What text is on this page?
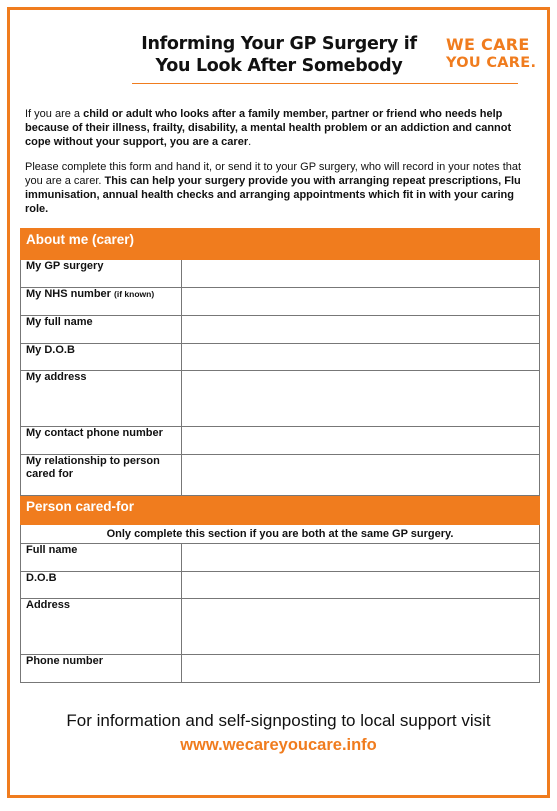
Informing Your GP Surgery if
You Look After Somebody
WE CARE
YOU CARE.
If you are a child or adult who looks after a family member, partner or friend who needs help because of their illness, frailty, disability, a mental health problem or an addiction and cannot cope without your support, you are a carer.
Please complete this form and hand it, or send it to your GP surgery, who will record in your notes that you are a carer. This can help your surgery provide you with arranging repeat prescriptions, Flu immunisation, annual health checks and arranging appointments which fit in with your caring role.
About me (carer)	
My GP surgery	
My NHS number (if known)	
My full name	
My D.O.B	
My address	
My contact phone number	
My relationship to person cared for	
Person cared-for	
Only complete this section if you are both at the same GP surgery.	
Full name	
D.O.B	
Address	
Phone number	
For information and self-signposting to local support visit
www.wecareyoucare.info
